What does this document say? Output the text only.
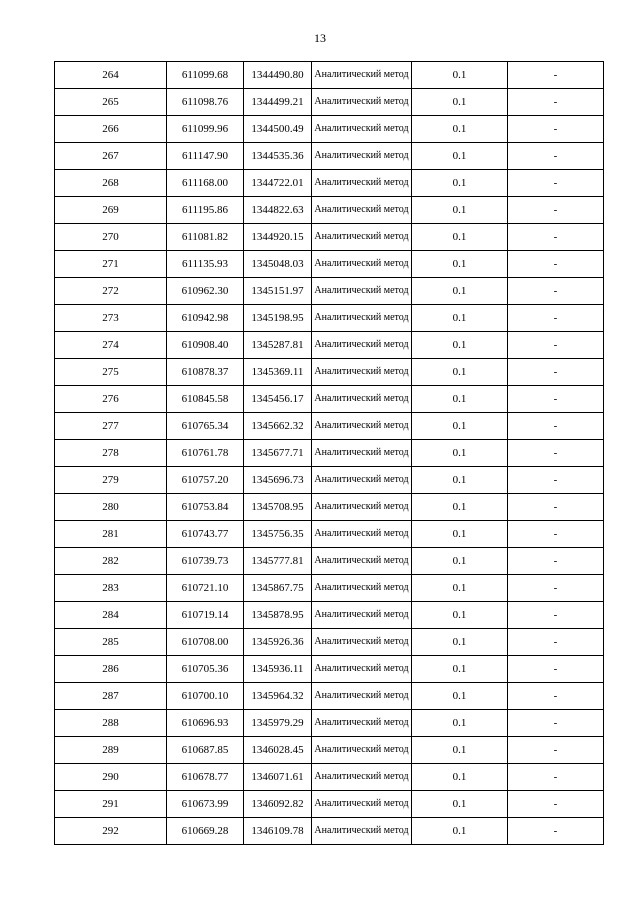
13
264	611099.68	1344490.80	Аналитический метод	0.1	-
265	611098.76	1344499.21	Аналитический метод	0.1	-
266	611099.96	1344500.49	Аналитический метод	0.1	-
267	611147.90	1344535.36	Аналитический метод	0.1	-
268	611168.00	1344722.01	Аналитический метод	0.1	-
269	611195.86	1344822.63	Аналитический метод	0.1	-
270	611081.82	1344920.15	Аналитический метод	0.1	-
271	611135.93	1345048.03	Аналитический метод	0.1	-
272	610962.30	1345151.97	Аналитический метод	0.1	-
273	610942.98	1345198.95	Аналитический метод	0.1	-
274	610908.40	1345287.81	Аналитический метод	0.1	-
275	610878.37	1345369.11	Аналитический метод	0.1	-
276	610845.58	1345456.17	Аналитический метод	0.1	-
277	610765.34	1345662.32	Аналитический метод	0.1	-
278	610761.78	1345677.71	Аналитический метод	0.1	-
279	610757.20	1345696.73	Аналитический метод	0.1	-
280	610753.84	1345708.95	Аналитический метод	0.1	-
281	610743.77	1345756.35	Аналитический метод	0.1	-
282	610739.73	1345777.81	Аналитический метод	0.1	-
283	610721.10	1345867.75	Аналитический метод	0.1	-
284	610719.14	1345878.95	Аналитический метод	0.1	-
285	610708.00	1345926.36	Аналитический метод	0.1	-
286	610705.36	1345936.11	Аналитический метод	0.1	-
287	610700.10	1345964.32	Аналитический метод	0.1	-
288	610696.93	1345979.29	Аналитический метод	0.1	-
289	610687.85	1346028.45	Аналитический метод	0.1	-
290	610678.77	1346071.61	Аналитический метод	0.1	-
291	610673.99	1346092.82	Аналитический метод	0.1	-
292	610669.28	1346109.78	Аналитический метод	0.1	-
